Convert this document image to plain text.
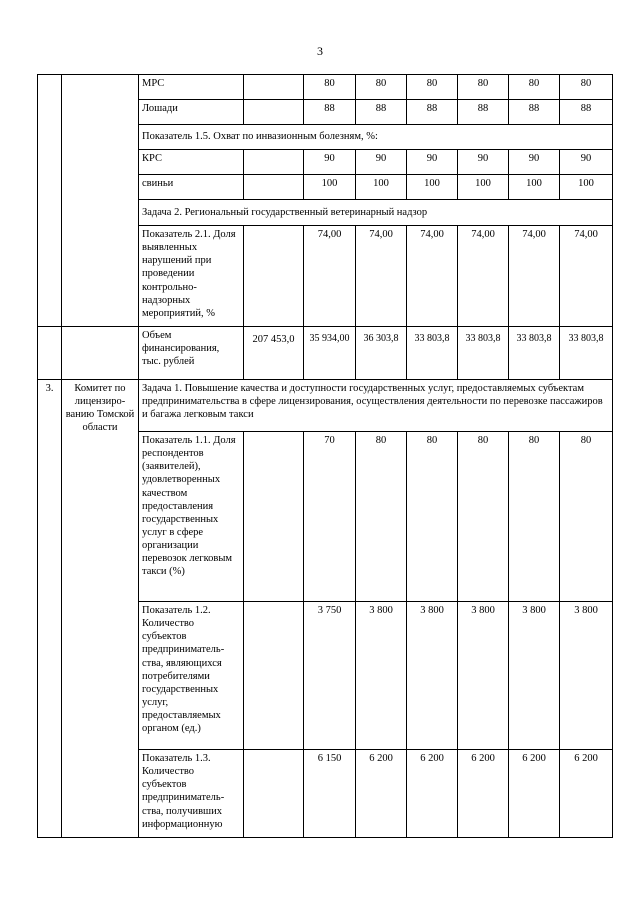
3
		МРС		80	80	80	80	80	80
		Лошади		88	88	88	88	88	88
		Показатель 1.5. Охват по инвазионным болезням, %:							
		КРС		90	90	90	90	90	90
		свиньи		100	100	100	100	100	100
		Задача 2. Региональный государственный ветеринарный надзор							
		Показатель 2.1. Доля выявленных нарушений при проведении контрольно-надзорных мероприятий, %		74,00	74,00	74,00	74,00	74,00	74,00
		Объем финансирования, тыс. рублей	207 453,0	35 934,00	36 303,8	33 803,8	33 803,8	33 803,8	33 803,8
3.	Комитет по лицензиро-ванию Томской области	Задача 1. Повышение качества и доступности государственных услуг, предоставляемых субъектам предпринимательства в сфере лицензирования, осуществления деятельности по перевозке пассажиров и багажа легковым такси							
		Показатель 1.1. Доля респондентов (заявителей), удовлетворенных качеством предоставления государственных услуг в сфере организации перевозок легковым такси (%)		70	80	80	80	80	80
		Показатель 1.2. Количество субъектов предприниматель-ства, являющихся потребителями государственных услуг, предоставляемых органом (ед.)		3 750	3 800	3 800	3 800	3 800	3 800
		Показатель 1.3. Количество субъектов предприниматель-ства, получивших информационную		6 150	6 200	6 200	6 200	6 200	6 200
